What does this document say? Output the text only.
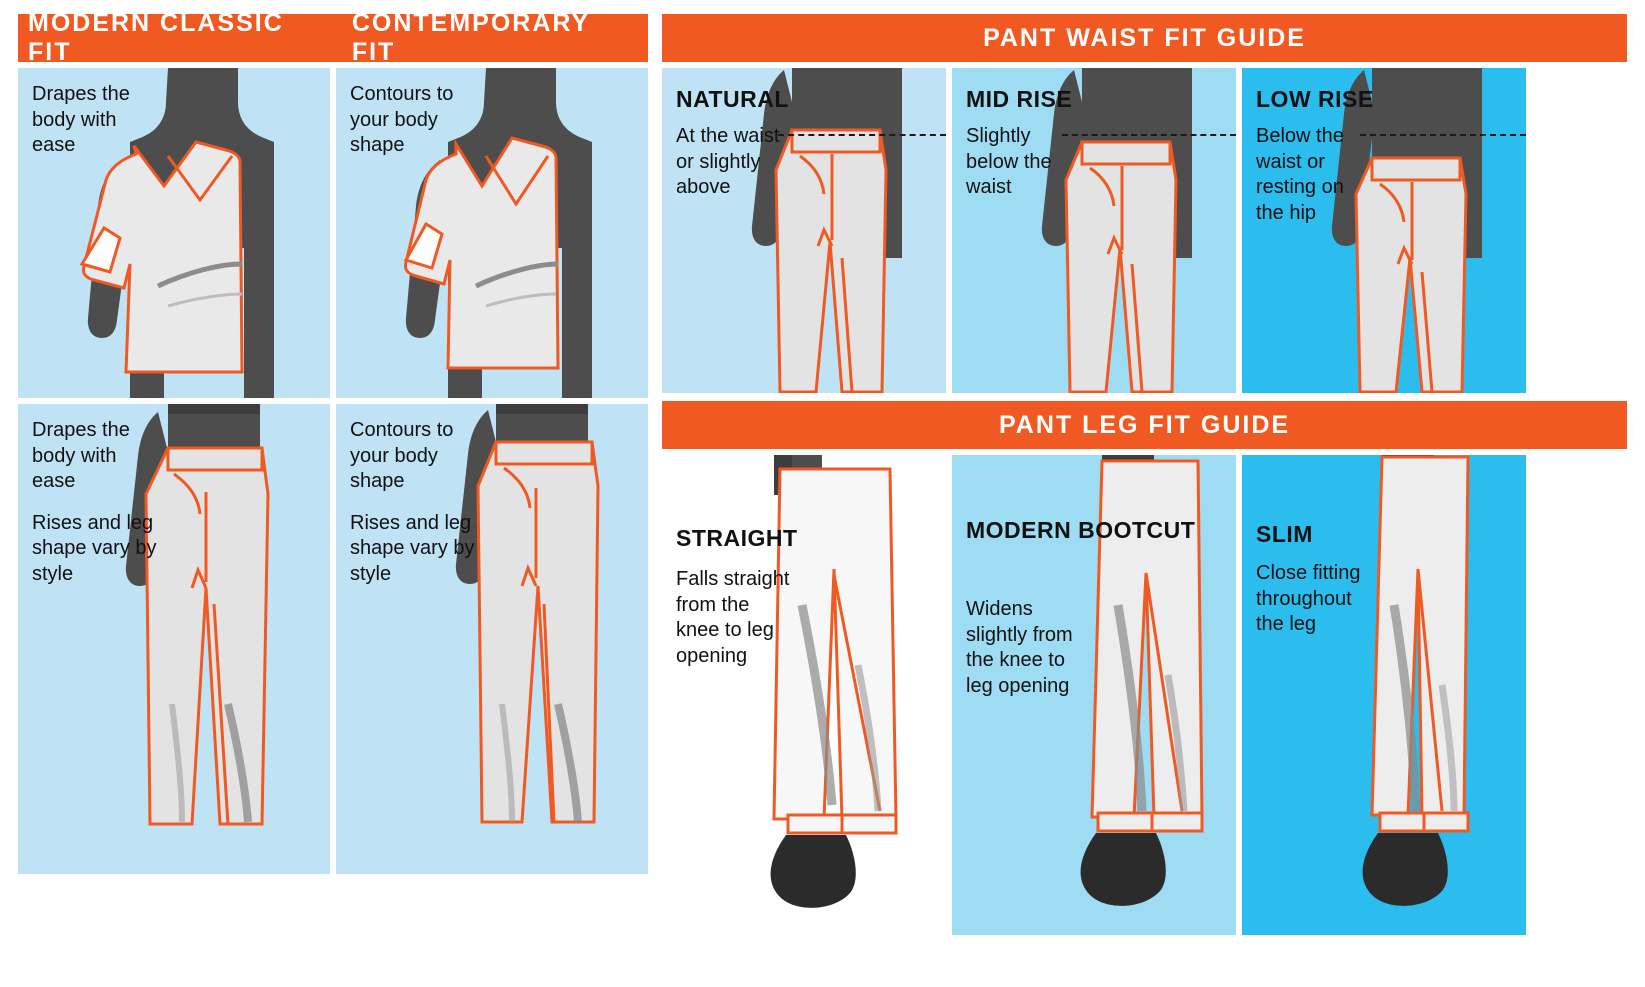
MODERN CLASSIC FIT
CONTEMPORARY FIT

Drapes the body with ease

Contours to your body shape

Drapes the body with ease

Rises and leg shape vary by style

Contours to your body shape

Rises and leg shape vary by style

PANT WAIST FIT GUIDE
NATURAL
At the waist or slightly above
MID RISE
Slightly below the waist
LOW RISE
Below the waist or resting on the hip
PANT LEG FIT GUIDE
STRAIGHT
Falls straight from the knee to leg opening
MODERN BOOTCUT
Widens slightly from the knee to leg opening
SLIM
Close fitting throughout the leg
